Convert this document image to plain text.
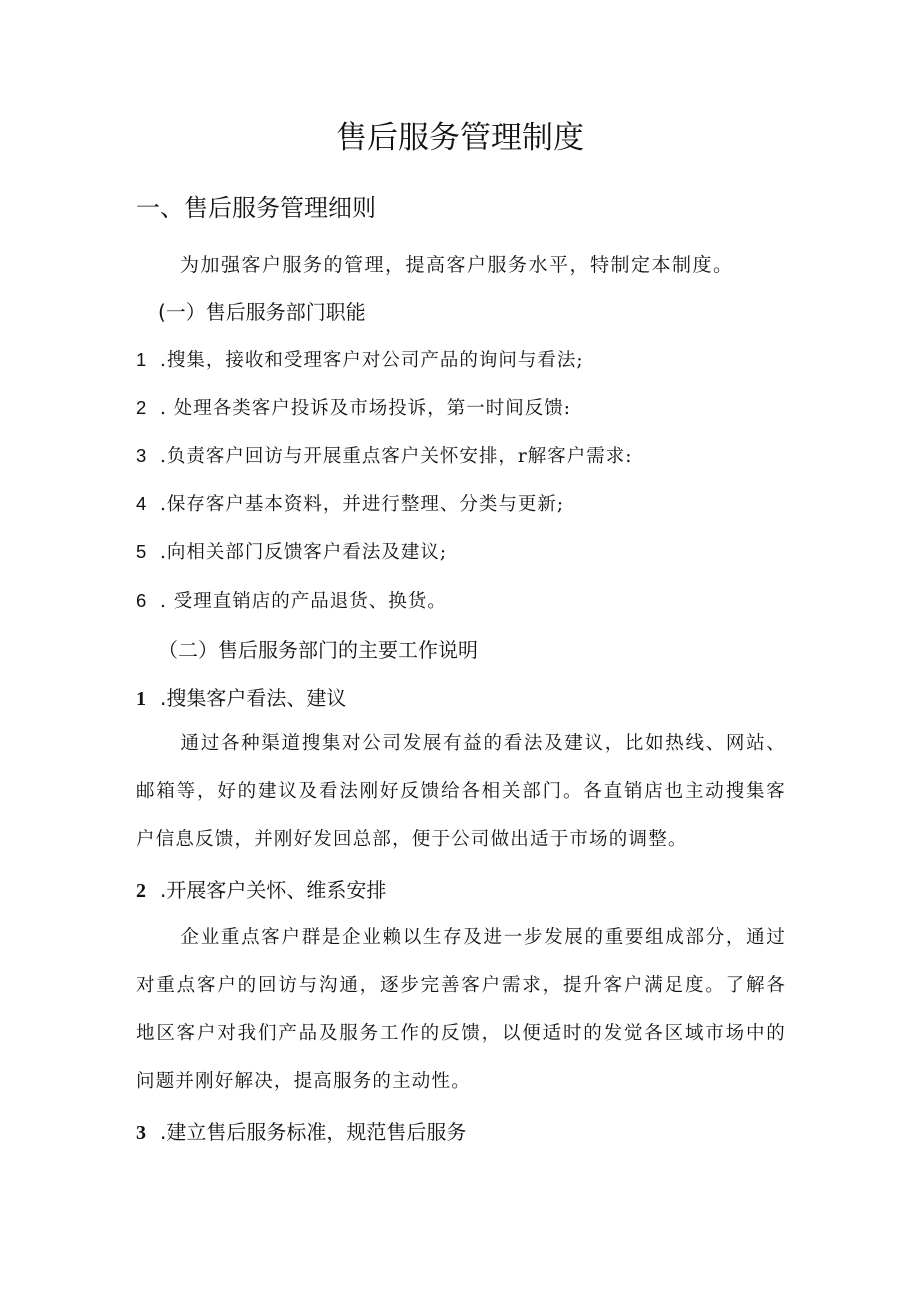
售后服务管理制度
一、售后服务管理细则
为加强客户服务的管理，提高客户服务水平，特制定本制度。
(一）售后服务部门职能
1 .搜集，接收和受理客户对公司产品的询问与看法;
2 . 处理各类客户投诉及市场投诉，第一时间反馈:
3 .负责客户回访与开展重点客户关怀安排，r解客户需求:
4 .保存客户基本资料，并进行整理、分类与更新;
5 .向相关部门反馈客户看法及建议;
6 . 受理直销店的产品退货、换货。
（二）售后服务部门的主要工作说明
1 .搜集客户看法、建议
通过各种渠道搜集对公司发展有益的看法及建议，比如热线、网站、邮箱等，好的建议及看法刚好反馈给各相关部门。各直销店也主动搜集客户信息反馈，并刚好发回总部，便于公司做出适于市场的调整。
2 .开展客户关怀、维系安排
企业重点客户群是企业赖以生存及进一步发展的重要组成部分，通过对重点客户的回访与沟通，逐步完善客户需求，提升客户满足度。了解各地区客户对我们产品及服务工作的反馈，以便适时的发觉各区域市场中的问题并刚好解决，提高服务的主动性。
3 .建立售后服务标准，规范售后服务
